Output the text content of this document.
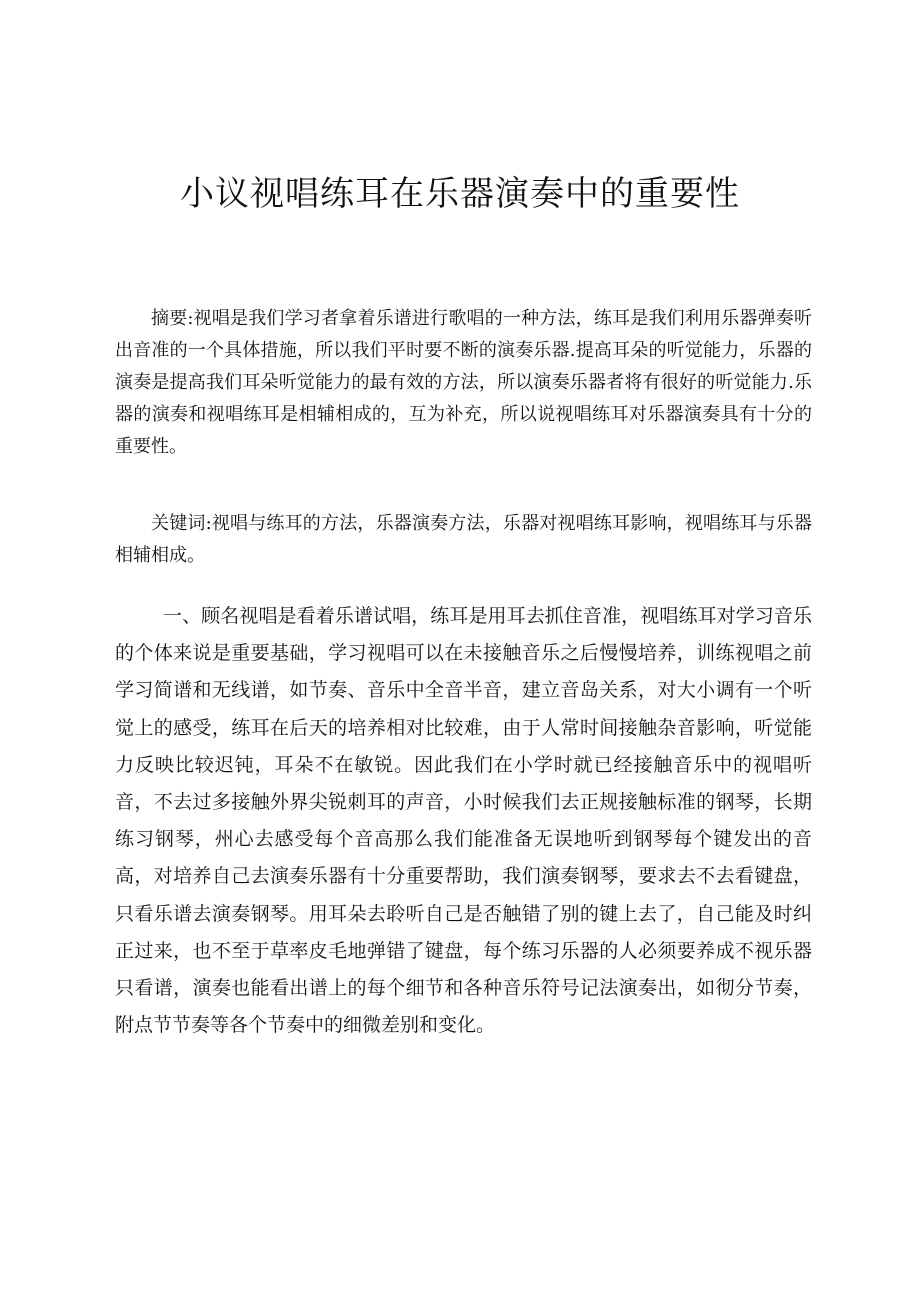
小议视唱练耳在乐器演奏中的重要性

摘要:视唱是我们学习者拿着乐谱进行歌唱的一种方法，练耳是我们利用乐器弹奏听出音准的一个具体措施，所以我们平时要不断的演奏乐器.提高耳朵的听觉能力，乐器的演奏是提高我们耳朵听觉能力的最有效的方法，所以演奏乐器者将有很好的听觉能力.乐器的演奏和视唱练耳是相辅相成的，互为补充，所以说视唱练耳对乐器演奏具有十分的重要性。

关键词:视唱与练耳的方法，乐器演奏方法，乐器对视唱练耳影响，视唱练耳与乐器相辅相成。

一、顾名视唱是看着乐谱试唱，练耳是用耳去抓住音准，视唱练耳对学习音乐的个体来说是重要基础，学习视唱可以在未接触音乐之后慢慢培养，训练视唱之前学习简谱和无线谱，如节奏、音乐中全音半音，建立音岛关系，对大小调有一个听觉上的感受，练耳在后天的培养相对比较难，由于人常时间接触杂音影响，听觉能力反映比较迟钝，耳朵不在敏锐。因此我们在小学时就已经接触音乐中的视唱听音，不去过多接触外界尖锐刺耳的声音，小时候我们去正规接触标准的钢琴，长期练习钢琴，州心去感受每个音高那么我们能准备无误地听到钢琴每个键发出的音高，对培养自己去演奏乐器有十分重要帮助，我们演奏钢琴，要求去不去看键盘，只看乐谱去演奏钢琴。用耳朵去聆听自己是否触错了别的键上去了，自己能及时纠正过来，也不至于草率皮毛地弹错了键盘，每个练习乐器的人必须要养成不视乐器只看谱，演奏也能看出谱上的每个细节和各种音乐符号记法演奏出，如彻分节奏，附点节节奏等各个节奏中的细微差别和变化。
